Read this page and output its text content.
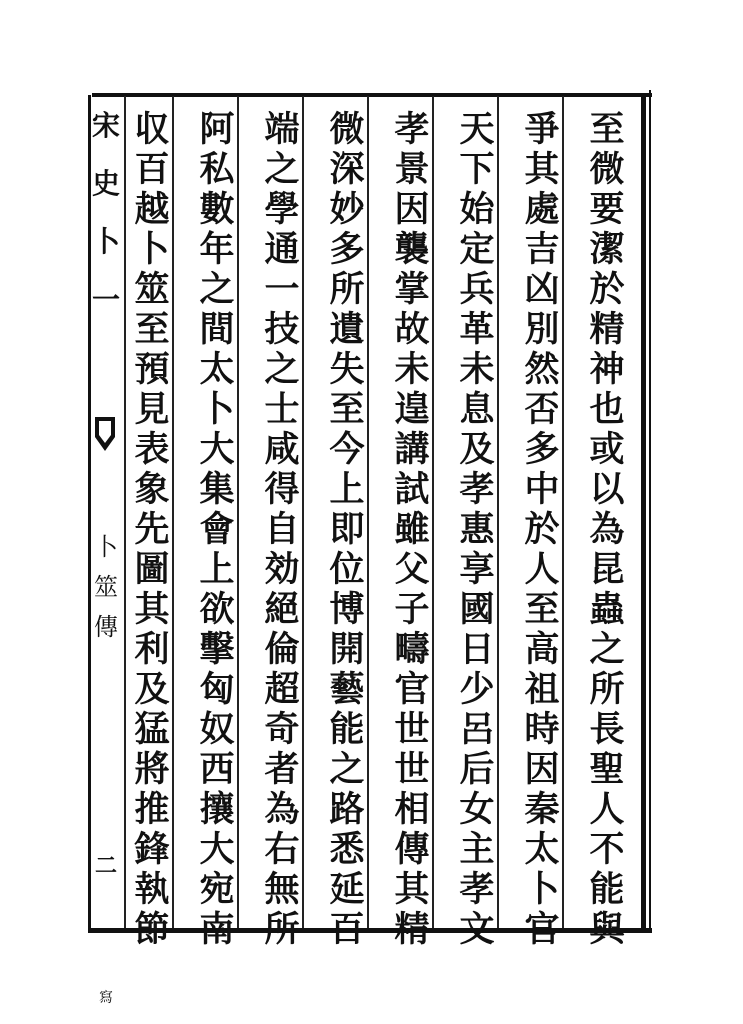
宋
史
卜
一
卜
筮
傳
二
寫
至
微
要
潔
於
精
神
也
或
以
為
昆
蟲
之
所
長
聖
人
不
能
與
爭
其
處
吉
凶
別
然
否
多
中
於
人
至
高
祖
時
因
秦
太
卜
官
天
下
始
定
兵
革
未
息
及
孝
惠
享
國
日
少
呂
后
女
主
孝
文
孝
景
因
襲
掌
故
未
遑
講
試
雖
父
子
疇
官
世
世
相
傳
其
精
微
深
妙
多
所
遺
失
至
今
上
即
位
博
開
藝
能
之
路
悉
延
百
端
之
學
通
一
技
之
士
咸
得
自
効
絕
倫
超
奇
者
為
右
無
所
阿
私
數
年
之
間
太
卜
大
集
會
上
欲
擊
匈
奴
西
攘
大
宛
南
収
百
越
卜
筮
至
預
見
表
象
先
圖
其
利
及
猛
將
推
鋒
執
節
